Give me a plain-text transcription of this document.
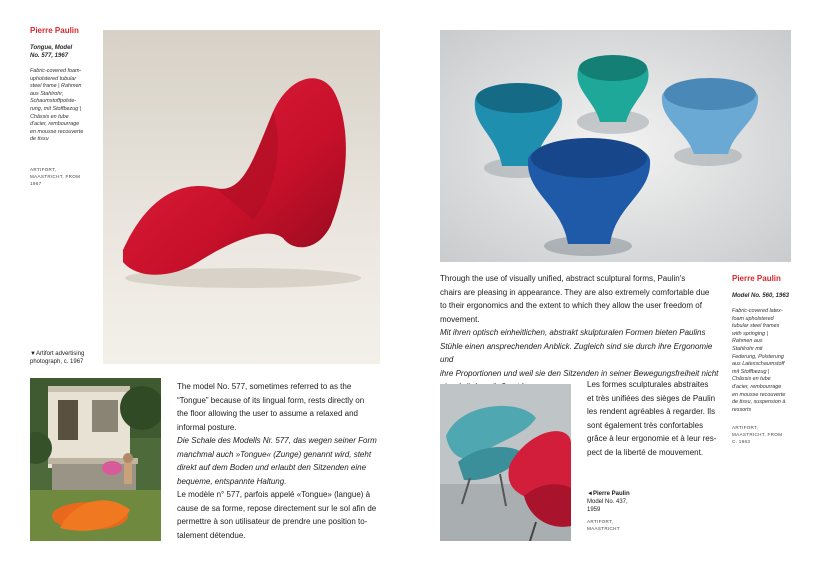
Pierre Paulin
Tongue, Model
No. 577, 1967
Fabric-covered foam-
upholstered tubular
steel frame | Rahmen
aus Stahlrohr,
Schaumstoffpolste-
rung, mit Stoffbezug |
Châssis en tube
d'acier, rembourrage
en mousse recouverte
de tissu
ARTIFORT,
MAASTRICHT, FROM
1967
▼Artifort advertising
photograph, c. 1967
The model No. 577, sometimes referred to as the
“Tongue” because of its lingual form, rests directly on
the floor allowing the user to assume a relaxed and
informal posture.
Die Schale des Modells Nr. 577, das wegen seiner Form
manchmal auch »Tongue« (Zunge) genannt wird, steht
direkt auf dem Boden und erlaubt den Sitzenden eine
bequeme, entspannte Haltung.
Le modèle n° 577, parfois appelé «Tongue» (langue) à
cause de sa forme, repose directement sur le sol afin de
permettre à son utilisateur de prendre une position to-
talement détendue.
Through the use of visually unified, abstract sculptural forms, Paulin's
chairs are pleasing in appearance. They are also extremely comfortable due
to their ergonomics and the extent to which they allow the user freedom of
movement.
Mit ihren optisch einheitlichen, abstrakt skulpturalen Formen bieten Paulins
Stühle einen ansprechenden Anblick. Zugleich sind sie durch ihre Ergonomie und
ihre Proportionen und weil sie den Sitzenden in seiner Bewegungsfreiheit nicht
Pierre Paulin
Model No. 560, 1963
Fabric-covered latex-
foam upholstered
tubular steel frames
with springing |
Rahmen aus
Stahlrohr mit
Federung, Polsterung
aus Latexschaumstoff
mit Stoffbezug |
Châssis en tube
d'acier, rembourrage
en mousse recouverte
de tissu, suspension à
ressorts
ARTIFORT,
MAASTRICHT, FROM
C. 1963
Les formes sculpturales abstraites
et très unifiées des sièges de Paulin
les rendent agréables à regarder. Ils
sont également très confortables
grâce à leur ergonomie et à leur res-
pect de la liberté de mouvement.
◄Pierre Paulin
Model No. 437,
1959
ARTIFORT,
MAASTRICHT
